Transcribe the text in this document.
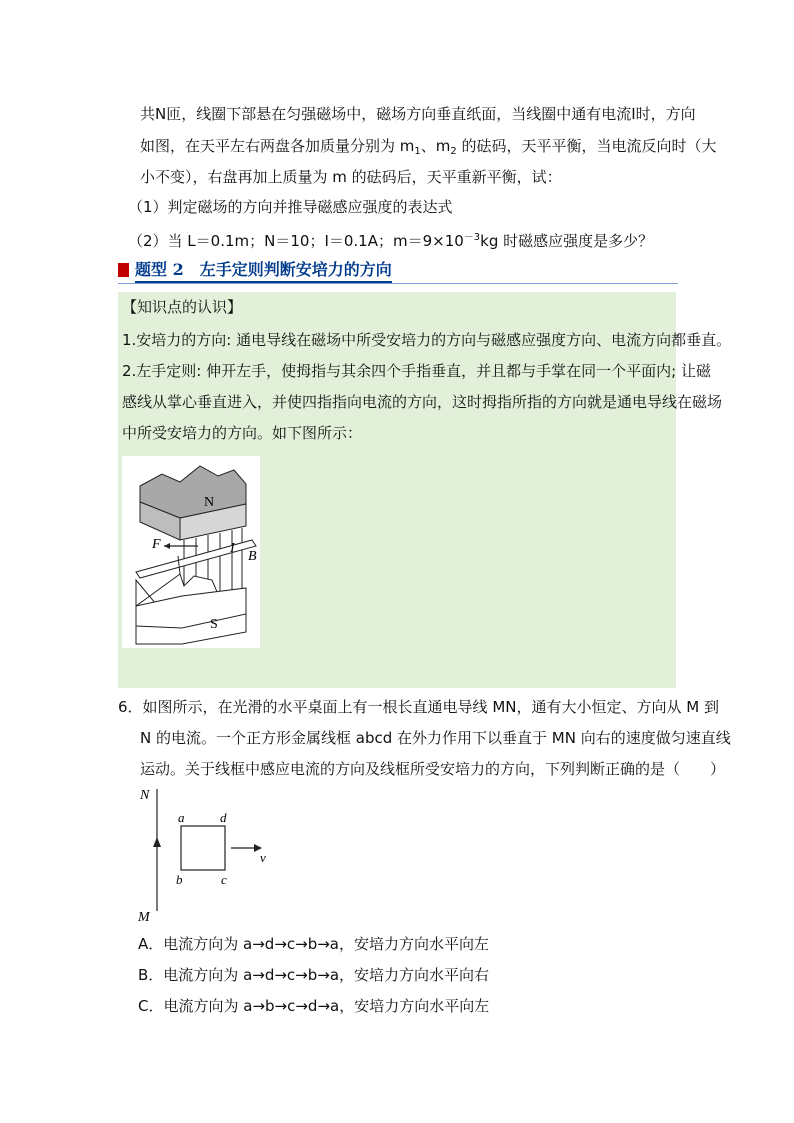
共N匝，线圈下部悬在匀强磁场中，磁场方向垂直纸面，当线圈中通有电流I时，方向
如图，在天平左右两盘各加质量分别为 $m_1$、$m_2$ 的砝码，天平平衡，当电流反向时（大
小不变），右盘再加上质量为 m 的砝码后，天平重新平衡，试：
（1）判定磁场的方向并推导磁感应强度的表达式
（2）当 L＝0.1m；N＝10；I＝0.1A；$m=9\times 10^{-3}kg$ 时磁感应强度是多少？
题型 2　左手定则判断安培力的方向
【知识点的认识】
1.安培力的方向: 通电导线在磁场中所受安培力的方向与磁感应强度方向、电流方向都垂直。
2.左手定则: 伸开左手，使拇指与其余四个手指垂直，并且都与手掌在同一个平面内; 让磁
感线从掌心垂直进入，并使四指指向电流的方向，这时拇指所指的方向就是通电导线在磁场
中所受安培力的方向。如下图所示：
N
F	I
B
S
6．如图所示，在光滑的水平桌面上有一根长直通电导线 MN，通有大小恒定、方向从 M 到
N 的电流。一个正方形金属线框 abcd 在外力作用下以垂直于 MN 向右的速度做匀速直线
运动。关于线框中感应电流的方向及线框所受安培力的方向，下列判断正确的是（　　）
N
M
a	d
b	c
v
A．电流方向为 a→d→c→b→a，安培力方向水平向左
B．电流方向为 a→d→c→b→a，安培力方向水平向右
C．电流方向为 a→b→c→d→a，安培力方向水平向左
